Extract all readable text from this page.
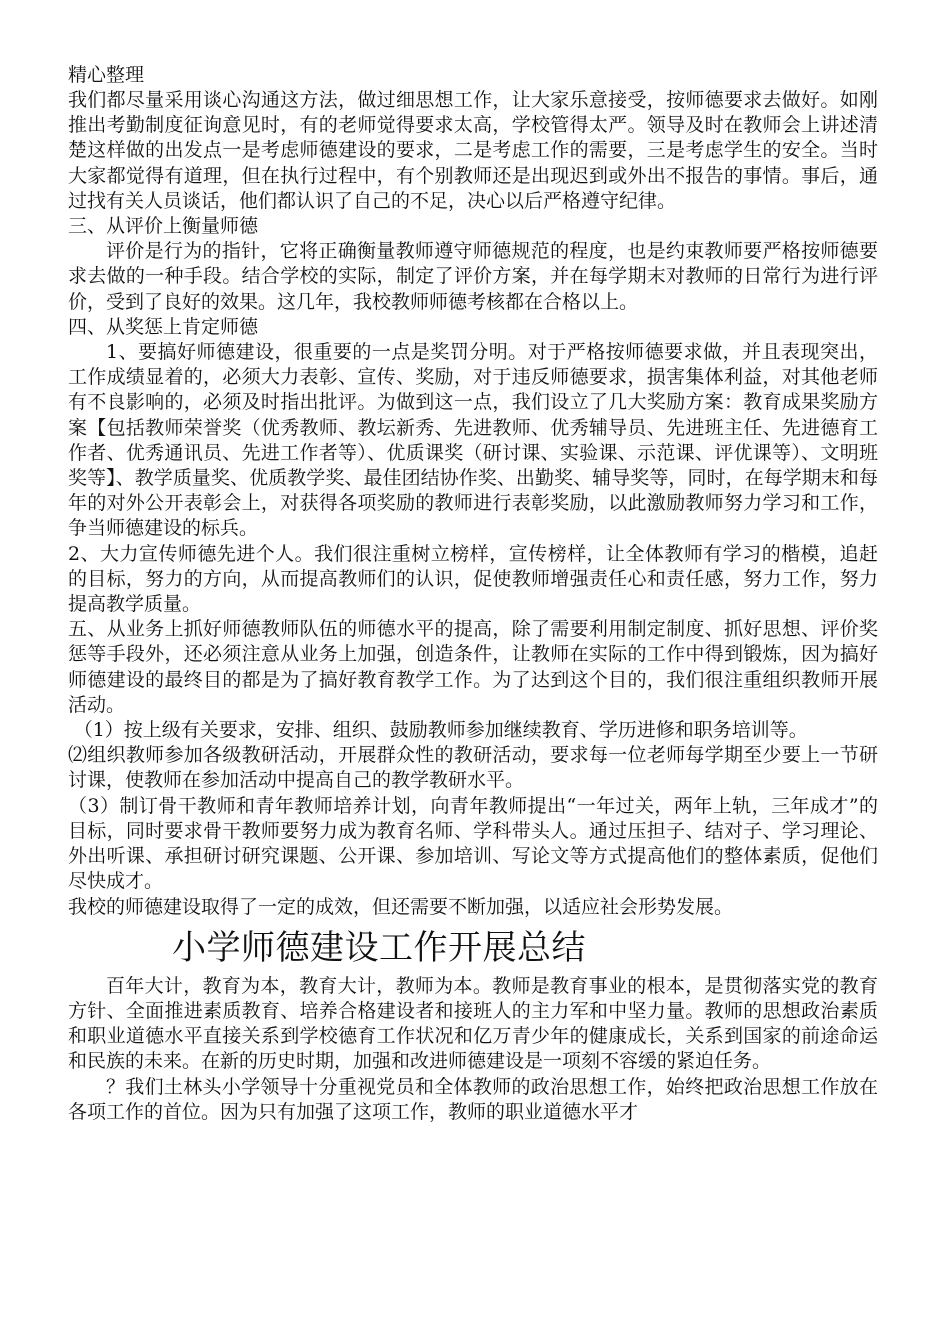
精心整理

我们都尽量采用谈心沟通这方法，做过细思想工作，让大家乐意接受，按师德要求去做好。如刚推出考勤制度征询意见时，有的老师觉得要求太高，学校管得太严。领导及时在教师会上讲述清楚这样做的出发点一是考虑师德建设的要求，二是考虑工作的需要，三是考虑学生的安全。当时大家都觉得有道理，但在执行过程中，有个别教师还是出现迟到或外出不报告的事情。事后，通过找有关人员谈话，他们都认识了自己的不足，决心以后严格遵守纪律。

三、从评价上衡量师德

评价是行为的指针，它将正确衡量教师遵守师德规范的程度，也是约束教师要严格按师德要求去做的一种手段。结合学校的实际，制定了评价方案，并在每学期末对教师的日常行为进行评价，受到了良好的效果。这几年，我校教师师德考核都在合格以上。

四、从奖惩上肯定师德

1、要搞好师德建设，很重要的一点是奖罚分明。对于严格按师德要求做，并且表现突出，工作成绩显着的，必须大力表彰、宣传、奖励，对于违反师德要求，损害集体利益，对其他老师有不良影响的，必须及时指出批评。为做到这一点，我们设立了几大奖励方案：教育成果奖励方案【包括教师荣誉奖（优秀教师、教坛新秀、先进教师、优秀辅导员、先进班主任、先进德育工作者、优秀通讯员、先进工作者等）、优质课奖（研讨课、实验课、示范课、评优课等）、文明班奖等】、教学质量奖、优质教学奖、最佳团结协作奖、出勤奖、辅导奖等，同时，在每学期末和每年的对外公开表彰会上，对获得各项奖励的教师进行表彰奖励，以此激励教师努力学习和工作，争当师德建设的标兵。

2、大力宣传师德先进个人。我们很注重树立榜样，宣传榜样，让全体教师有学习的楷模，追赶的目标，努力的方向，从而提高教师们的认识，促使教师增强责任心和责任感，努力工作，努力提高教学质量。

五、从业务上抓好师德教师队伍的师德水平的提高，除了需要利用制定制度、抓好思想、评价奖惩等手段外，还必须注意从业务上加强，创造条件，让教师在实际的工作中得到锻炼，因为搞好师德建设的最终目的都是为了搞好教育教学工作。为了达到这个目的，我们很注重组织教师开展活动。

（1）按上级有关要求，安排、组织、鼓励教师参加继续教育、学历进修和职务培训等。

⑵组织教师参加各级教研活动，开展群众性的教研活动，要求每一位老师每学期至少要上一节研讨课，使教师在参加活动中提高自己的教学教研水平。

（3）制订骨干教师和青年教师培养计划，向青年教师提出“一年过关，两年上轨，三年成才”的目标，同时要求骨干教师要努力成为教育名师、学科带头人。通过压担子、结对子、学习理论、外出听课、承担研讨研究课题、公开课、参加培训、写论文等方式提高他们的整体素质，促他们尽快成才。

我校的师德建设取得了一定的成效，但还需要不断加强，以适应社会形势发展。

小学师德建设工作开展总结

百年大计，教育为本，教育大计，教师为本。教师是教育事业的根本，是贯彻落实党的教育方针、全面推进素质教育、培养合格建设者和接班人的主力军和中坚力量。教师的思想政治素质和职业道德水平直接关系到学校德育工作状况和亿万青少年的健康成长，关系到国家的前途命运和民族的未来。在新的历史时期，加强和改进师德建设是一项刻不容缓的紧迫任务。

？我们土林头小学领导十分重视党员和全体教师的政治思想工作，始终把政治思想工作放在各项工作的首位。因为只有加强了这项工作，教师的职业道德水平才
